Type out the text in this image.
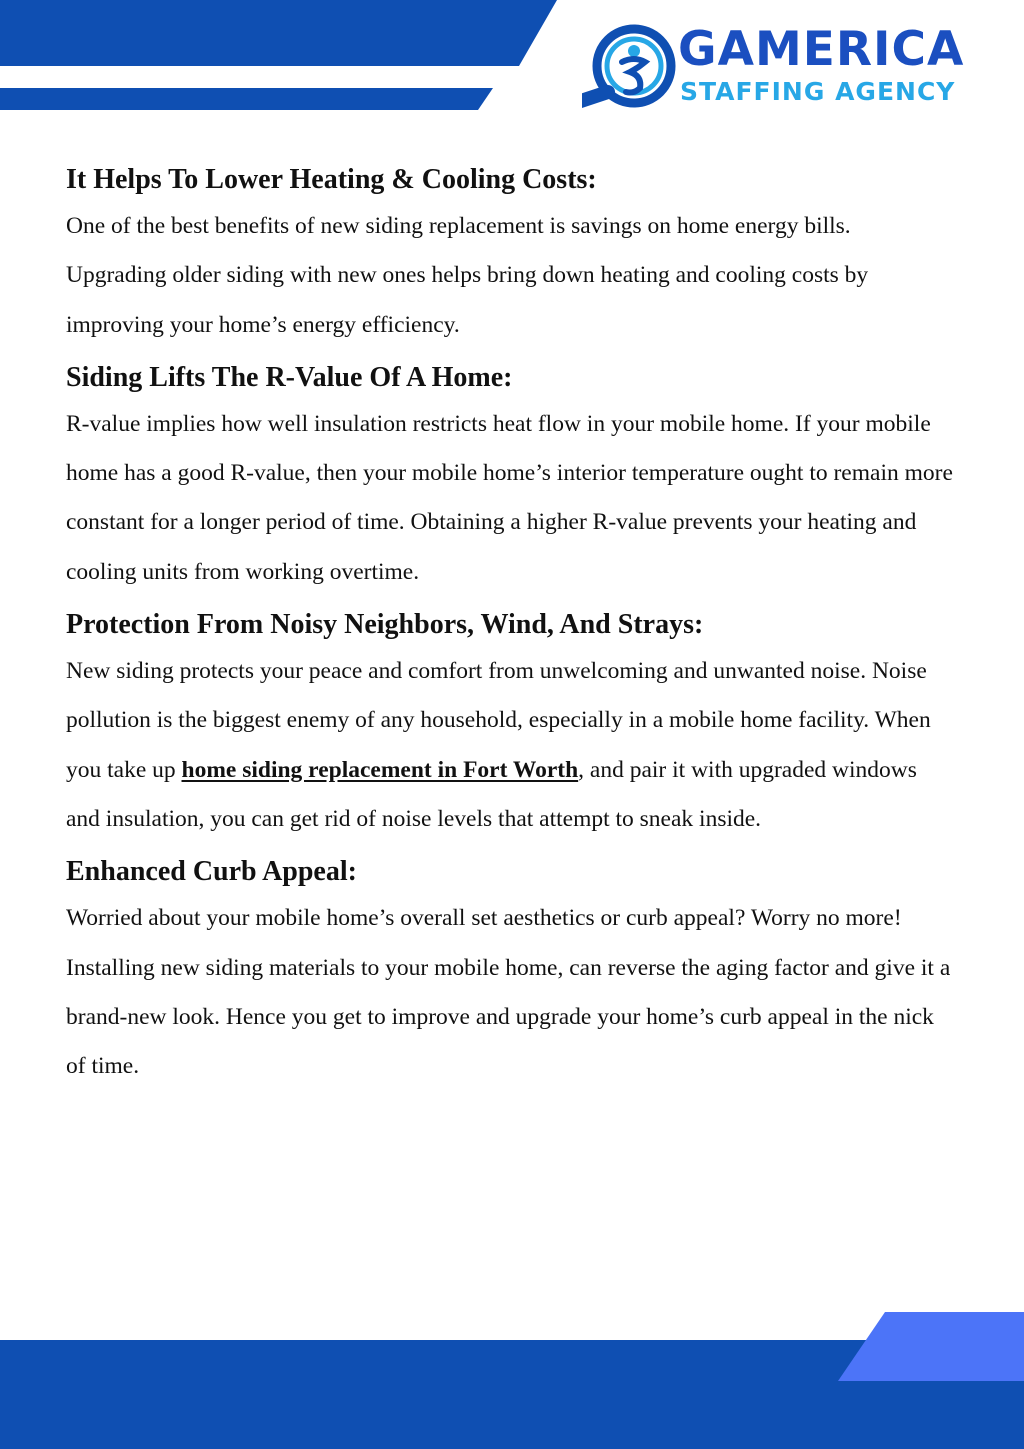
GAMERICA
STAFFING AGENCY
It Helps To Lower Heating & Cooling Costs:

One of the best benefits of new siding replacement is savings on home energy bills. Upgrading older siding with new ones helps bring down heating and cooling costs by improving your home’s energy efficiency.

Siding Lifts The R-Value Of A Home:

R-value implies how well insulation restricts heat flow in your mobile home. If your mobile home has a good R-value, then your mobile home’s interior temperature ought to remain more constant for a longer period of time. Obtaining a higher R-value prevents your heating and cooling units from working overtime.

Protection From Noisy Neighbors, Wind, And Strays:

New siding protects your peace and comfort from unwelcoming and unwanted noise. Noise pollution is the biggest enemy of any household, especially in a mobile home facility. When you take up home siding replacement in Fort Worth, and pair it with upgraded windows and insulation, you can get rid of noise levels that attempt to sneak inside.

Enhanced Curb Appeal:

Worried about your mobile home’s overall set aesthetics or curb appeal? Worry no more! Installing new siding materials to your mobile home, can reverse the aging factor and give it a brand-new look. Hence you get to improve and upgrade your home’s curb appeal in the nick of time.
